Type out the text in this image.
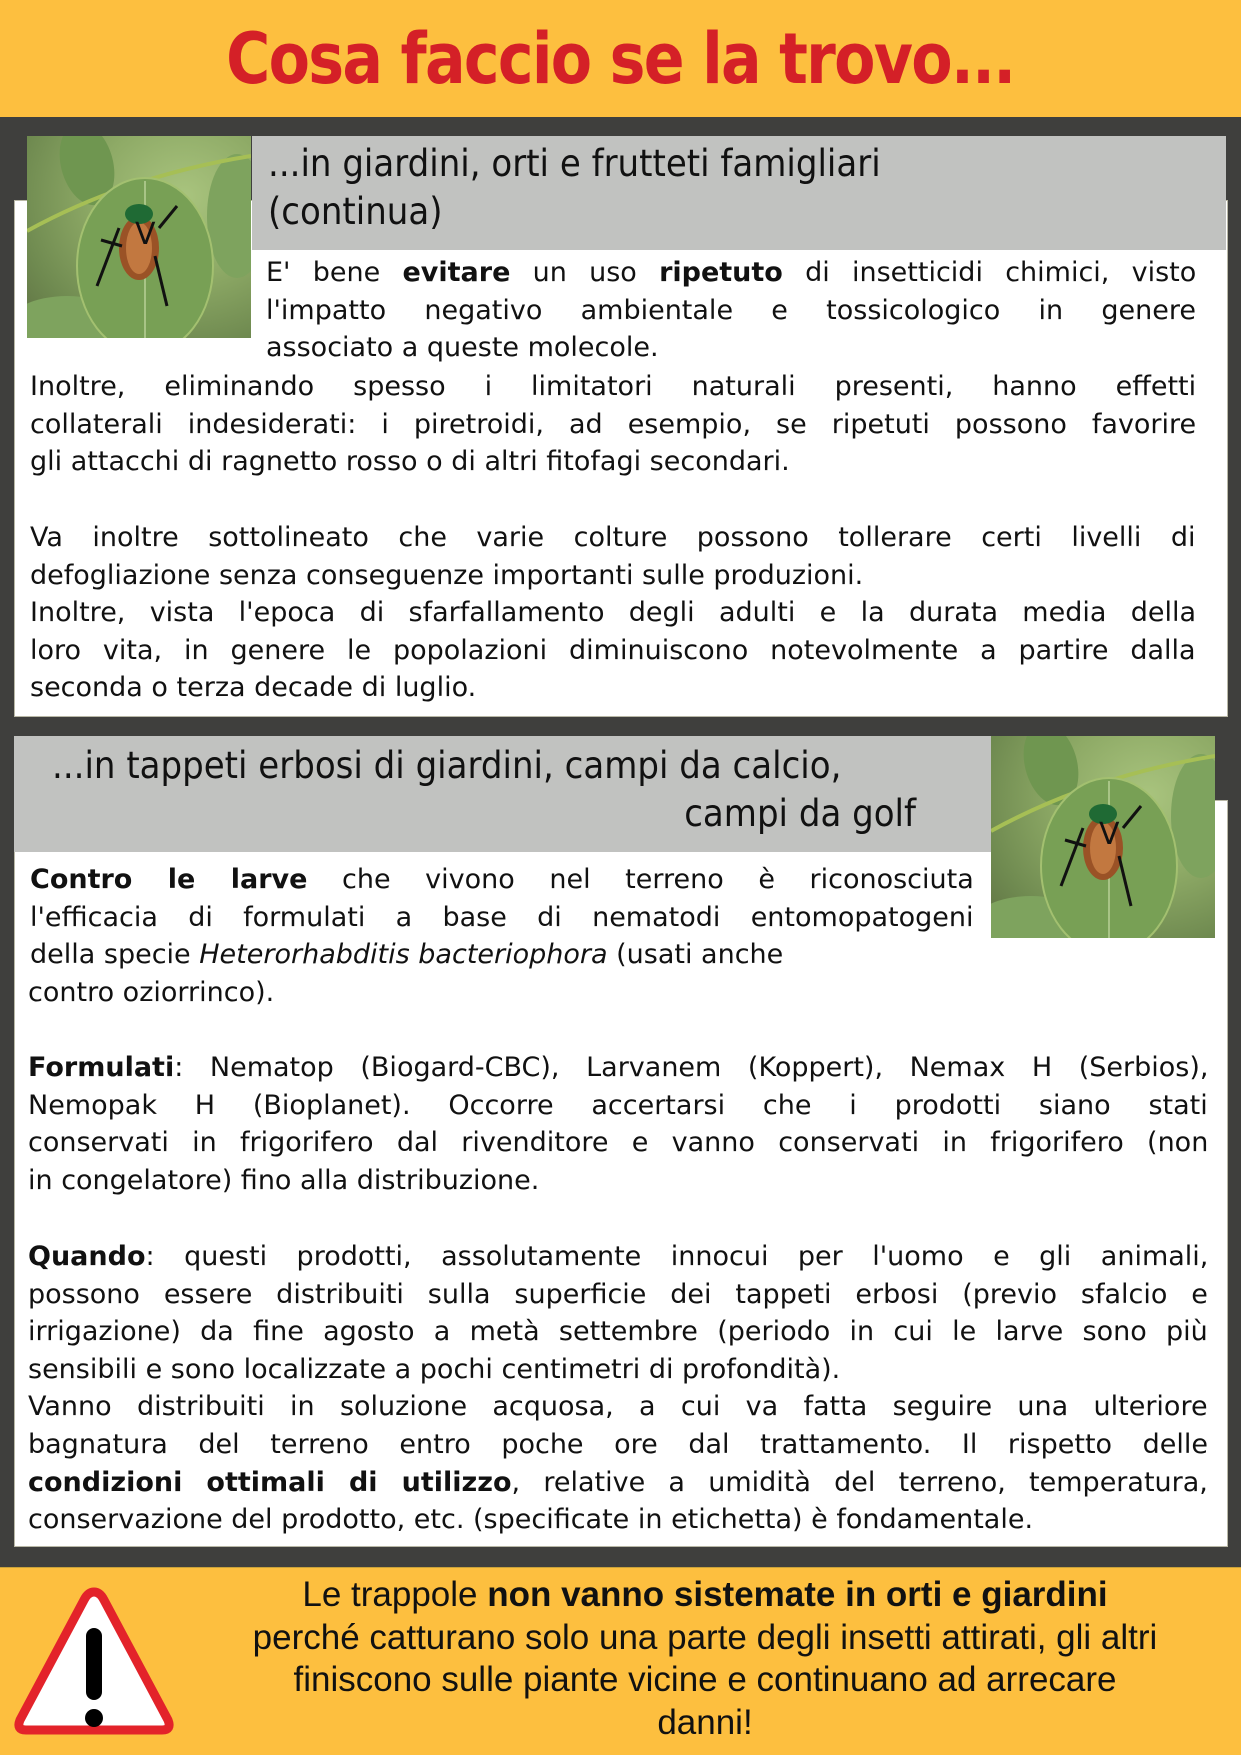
Cosa faccio se la trovo...
V
...in giardini, orti e frutteti famigliari
(continua)
E' bene evitare un uso ripetuto di insetticidi chimici, visto
l'impatto negativo ambientale e tossicologico in genere
associato a queste molecole.
Inoltre, eliminando spesso i limitatori naturali presenti, hanno effetti
collaterali indesiderati: i piretroidi, ad esempio, se ripetuti possono favorire
gli attacchi di ragnetto rosso o di altri fitofagi secondari.
Va inoltre sottolineato che varie colture possono tollerare certi livelli di
defogliazione senza conseguenze importanti sulle produzioni.
Inoltre, vista l'epoca di sfarfallamento degli adulti e la durata media della
loro vita, in genere le popolazioni diminuiscono notevolmente a partire dalla
seconda o terza decade di luglio.
...in tappeti erbosi di giardini, campi da calcio,
campi da golf	V
Contro le larve che vivono nel terreno è riconosciuta
l'efficacia di formulati a base di nematodi entomopatogeni
della specie Heterorhabditis bacteriophora (usati anche
contro oziorrinco).
Formulati: Nematop (Biogard-CBC), Larvanem (Koppert), Nemax H (Serbios),
Nemopak H (Bioplanet). Occorre accertarsi che i prodotti siano stati
conservati in frigorifero dal rivenditore e vanno conservati in frigorifero (non
in congelatore) fino alla distribuzione.
Quando: questi prodotti, assolutamente innocui per l'uomo e gli animali,
possono essere distribuiti sulla superficie dei tappeti erbosi (previo sfalcio e
irrigazione) da fine agosto a metà settembre (periodo in cui le larve sono più
sensibili e sono localizzate a pochi centimetri di profondità).
Vanno distribuiti in soluzione acquosa, a cui va fatta seguire una ulteriore
bagnatura del terreno entro poche ore dal trattamento. Il rispetto delle
condizioni ottimali di utilizzo, relative a umidità del terreno, temperatura,
conservazione del prodotto, etc. (specificate in etichetta) è fondamentale.
Le trappole non vanno sistemate in orti e giardini
perché catturano solo una parte degli insetti attirati, gli altri
finiscono sulle piante vicine e continuano ad arrecare
danni!
